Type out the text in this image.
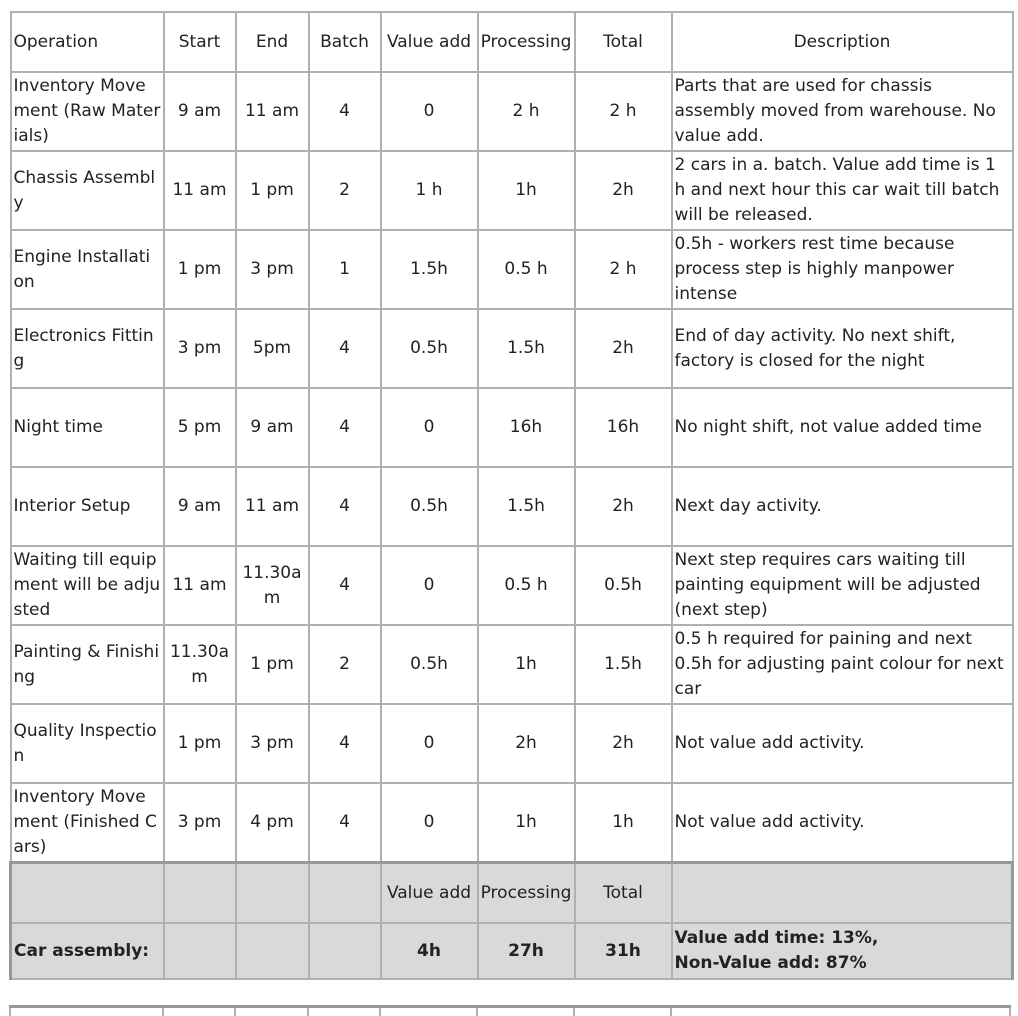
Operation	Start	End	Batch	Value add	Processing	Total	Description
Inventory Movement (Raw Materials)	9 am	11 am	4	0	2 h	2 h	Parts that are used for chassis assembly moved from warehouse. No value add.
Chassis Assembly	11 am	1 pm	2	1 h	1h	2h	2 cars in a. batch. Value add time is 1 h and next hour this car wait till batch will be released.
Engine Installation	1 pm	3 pm	1	1.5h	0.5 h	2 h	0.5h - workers rest time because process step is highly manpower intense
Electronics Fitting	3 pm	5pm	4	0.5h	1.5h	2h	End of day activity. No next shift, factory is closed for the night
Night time	5 pm	9 am	4	0	16h	16h	No night shift, not value added time
Interior Setup	9 am	11 am	4	0.5h	1.5h	2h	Next day activity.
Waiting till equipment will be adjusted	11 am	11.30am	4	0	0.5 h	0.5h	Next step requires cars waiting till painting equipment will be adjusted (next step)
Painting & Finishing	11.30am	1 pm	2	0.5h	1h	1.5h	0.5 h required for paining and next 0.5h for adjusting paint colour for next car
Quality Inspection	1 pm	3 pm	4	0	2h	2h	Not value add activity.
Inventory Movement (Finished Cars)	3 pm	4 pm	4	0	1h	1h	Not value add activity.
				Value add	Processing	Total	
Car assembly:				4h	27h	31h	Value add time: 13%,
Non-Value add: 87%
